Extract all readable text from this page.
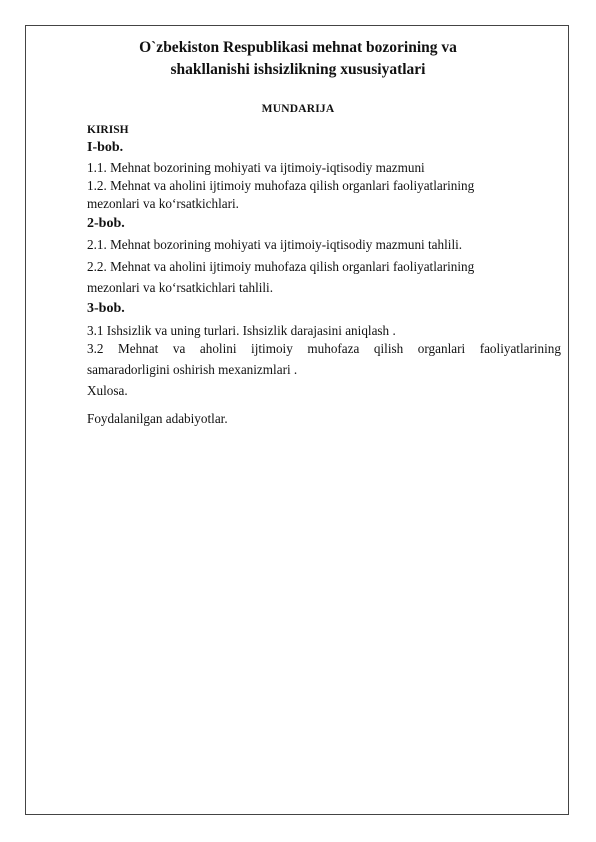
O`zbekiston Respublikasi mehnat bozorining va
shakllanishi ishsizlikning xususiyatlari
MUNDARIJA
KIRISH
I-bob.
1.1. Mehnat bozorining mohiyati va ijtimoiy-iqtisodiy mazmuni
1.2. Mehnat va aholini ijtimoiy muhofaza qilish organlari faoliyatlarining
mezonlari va ko‘rsatkichlari.
2-bob.
2.1. Mehnat bozorining mohiyati va ijtimoiy-iqtisodiy mazmuni tahlili.
2.2. Mehnat va aholini ijtimoiy muhofaza qilish organlari faoliyatlarining
mezonlari va ko‘rsatkichlari tahlili.
3-bob.
3.1 Ishsizlik va uning turlari. Ishsizlik darajasini aniqlash .
3.2 Mehnat va aholini ijtimoiy muhofaza qilish organlari faoliyatlarining
samaradorligini oshirish mexanizmlari .
Xulosa.
Foydalanilgan adabiyotlar.
